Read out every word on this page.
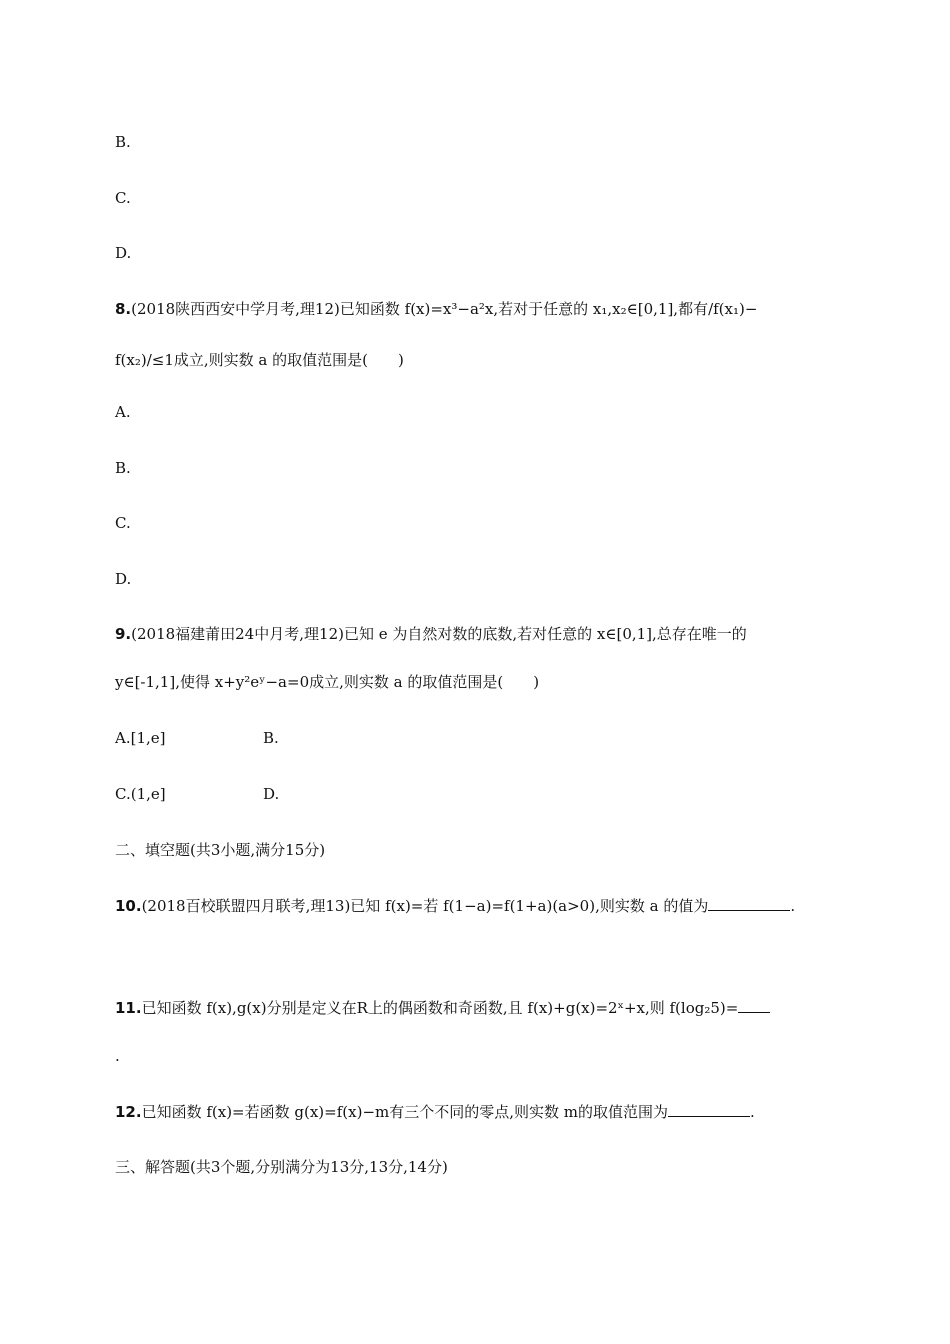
B.
C.
D.
8.(2018陕西西安中学月考,理12)已知函数 f(x)=x³−a²x,若对于任意的 x₁,x₂∈[0,1],都有/f(x₁)−
f(x₂)/≤1成立,则实数 a 的取值范围是(　　)
A.
B.
C.
D.
9.(2018福建莆田24中月考,理12)已知 e 为自然对数的底数,若对任意的 x∈[0,1],总存在唯一的
y∈[-1,1],使得 x+y²eʸ−a=0成立,则实数 a 的取值范围是(　　)
A.[1,e]	B.
C.(1,e]	D.
二、填空题(共3小题,满分15分)
10.(2018百校联盟四月联考,理13)已知 f(x)=若 f(1−a)=f(1+a)(a>0),则实数 a 的值为	.
11.已知函数 f(x),g(x)分别是定义在R上的偶函数和奇函数,且 f(x)+g(x)=2ˣ+x,则 f(log₂5)=
.
12.已知函数 f(x)=若函数 g(x)=f(x)−m有三个不同的零点,则实数 m的取值范围为	.
三、解答题(共3个题,分别满分为13分,13分,14分)
